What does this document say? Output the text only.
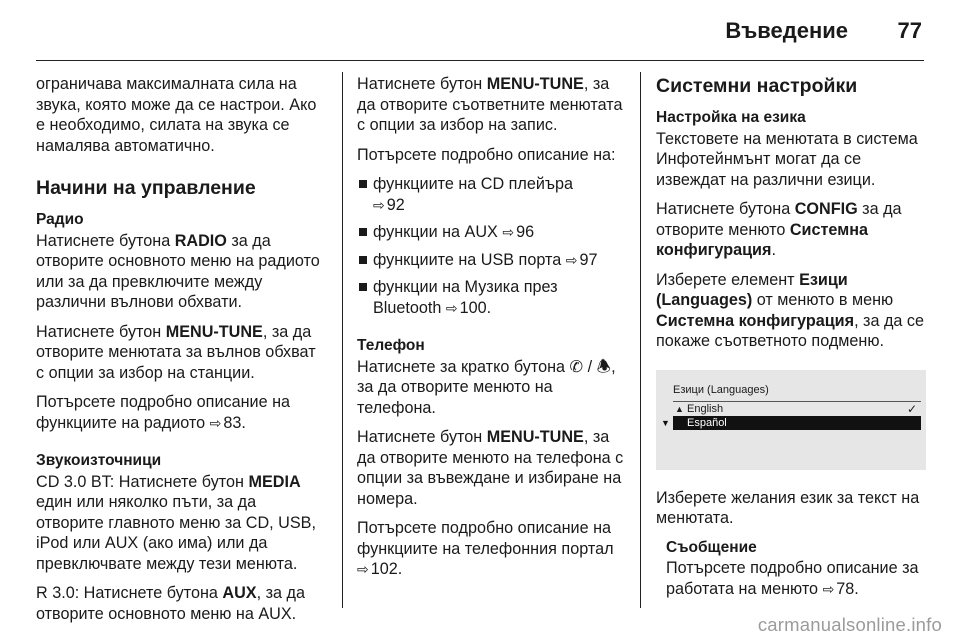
Въведение 77

ограничава максималната сила на звука, която може да се настрои. Ако е необходимо, силата на звука се намалява автоматично.

Начини на управление
Радио

Натиснете бутона RADIO за да отворите основното меню на радиото или за да превключите между различни вълнови обхвати.

Натиснете бутон MENU-TUNE, за да отворите менютата за вълнов обхват с опции за избор на станции.

Потърсете подробно описание на функциите на радиото ⇨ 83.

Звукоизточници

CD 3.0 BT: Натиснете бутон MEDIA един или няколко пъти, за да отворите главното меню за CD, USB, iPod или AUX (ако има) или да превключвате между тези менюта.

R 3.0: Натиснете бутона AUX, за да отворите основното меню на AUX.

Натиснете бутон MENU-TUNE, за да отворите съответните менютата с опции за избор на запис.

Потърсете подробно описание на:

функциите на CD плейъра
⇨ 92
функции на AUX ⇨ 96
функциите на USB порта ⇨ 97
функции на Музика през Bluetooth ⇨ 100.
Телефон

Натиснете за кратко бутона ✆ / 🕭, за да отворите менюто на телефона.

Натиснете бутон MENU-TUNE, за да отворите менюто на телефона с опции за въвеждане и избиране на номера.

Потърсете подробно описание на функциите на телефонния портал
⇨ 102.

Системни настройки
Настройка на езика

Текстовете на менютата в система Инфотейнмънт могат да се извеждат на различни езици.

Натиснете бутона CONFIG за да отворите менюто Системна конфигурация.

Изберете елемент Езици (Languages) от менюто в меню Системна конфигурация, за да се покаже съответното подменю.

Езици (Languages)
▲ English	✓
▼ Español

Изберете желания език за текст на менютата.

Съобщение

Потърсете подробно описание за работата на менюто ⇨ 78.

carmanualsonline.info
